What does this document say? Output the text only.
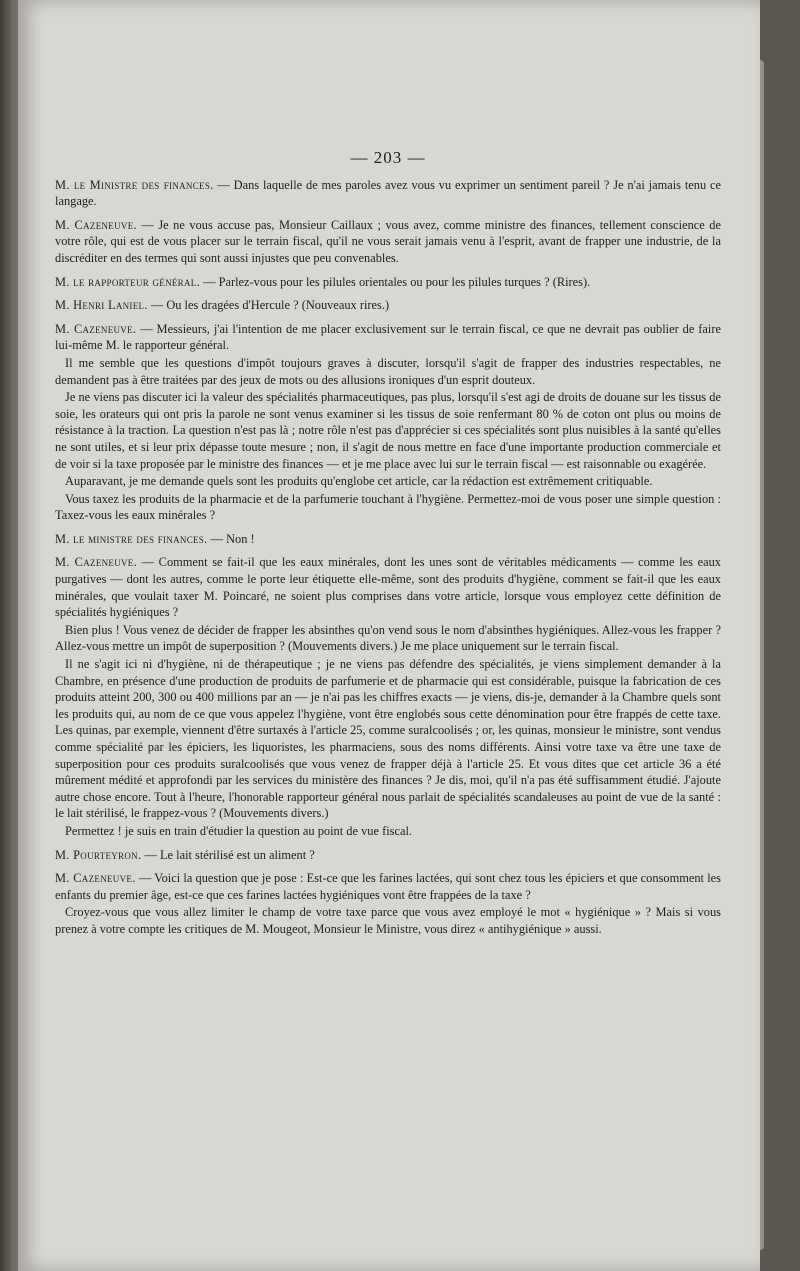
— 203 —

M. le Ministre des finances. — Dans laquelle de mes paroles avez vous vu exprimer un sentiment pareil ? Je n'ai jamais tenu ce langage.

M. Cazeneuve. — Je ne vous accuse pas, Monsieur Caillaux ; vous avez, comme ministre des finances, tellement conscience de votre rôle, qui est de vous placer sur le terrain fiscal, qu'il ne vous serait jamais venu à l'esprit, avant de frapper une industrie, de la discréditer en des termes qui sont aussi injustes que peu convenables.

M. le rapporteur général. — Parlez-vous pour les pilules orientales ou pour les pilules turques ? (Rires).

M. Henri Laniel. — Ou les dragées d'Hercule ? (Nouveaux rires.)

M. Cazeneuve. — Messieurs, j'ai l'intention de me placer exclusivement sur le terrain fiscal, ce que ne devrait pas oublier de faire lui-même M. le rapporteur général.

Il me semble que les questions d'impôt toujours graves à discuter, lorsqu'il s'agit de frapper des industries respectables, ne demandent pas à être traitées par des jeux de mots ou des allusions ironiques d'un esprit douteux.

Je ne viens pas discuter ici la valeur des spécialités pharmaceutiques, pas plus, lorsqu'il s'est agi de droits de douane sur les tissus de soie, les orateurs qui ont pris la parole ne sont venus examiner si les tissus de soie renfermant 80 % de coton ont plus ou moins de résistance à la traction. La question n'est pas là ; notre rôle n'est pas d'apprécier si ces spécialités sont plus nuisibles à la santé qu'elles ne sont utiles, et si leur prix dépasse toute mesure ; non, il s'agit de nous mettre en face d'une importante production commerciale et de voir si la taxe proposée par le ministre des finances — et je me place avec lui sur le terrain fiscal — est raisonnable ou exagérée.

Auparavant, je me demande quels sont les produits qu'englobe cet article, car la rédaction est extrêmement critiquable.

Vous taxez les produits de la pharmacie et de la parfumerie touchant à l'hygiène. Permettez-moi de vous poser une simple question : Taxez-vous les eaux minérales ?

M. le ministre des finances. — Non !

M. Cazeneuve. — Comment se fait-il que les eaux minérales, dont les unes sont de véritables médicaments — comme les eaux purgatives — dont les autres, comme le porte leur étiquette elle-même, sont des produits d'hygiène, comment se fait-il que les eaux minérales, que voulait taxer M. Poincaré, ne soient plus comprises dans votre article, lorsque vous employez cette définition de spécialités hygiéniques ?

Bien plus ! Vous venez de décider de frapper les absinthes qu'on vend sous le nom d'absinthes hygiéniques. Allez-vous les frapper ? Allez-vous mettre un impôt de superposition ? (Mouvements divers.) Je me place uniquement sur le terrain fiscal.

Il ne s'agit ici ni d'hygiène, ni de thérapeutique ; je ne viens pas défendre des spécialités, je viens simplement demander à la Chambre, en présence d'une production de produits de parfumerie et de pharmacie qui est considérable, puisque la fabrication de ces produits atteint 200, 300 ou 400 millions par an — je n'ai pas les chiffres exacts — je viens, dis-je, demander à la Chambre quels sont les produits qui, au nom de ce que vous appelez l'hygiène, vont être englobés sous cette dénomination pour être frappés de cette taxe. Les quinas, par exemple, viennent d'être surtaxés à l'article 25, comme suralcoolisés ; or, les quinas, monsieur le ministre, sont vendus comme spécialité par les épiciers, les liquoristes, les pharmaciens, sous des noms différents. Ainsi votre taxe va être une taxe de superposition pour ces produits suralcoolisés que vous venez de frapper déjà à l'article 25. Et vous dites que cet article 36 a été mûrement médité et approfondi par les services du ministère des finances ? Je dis, moi, qu'il n'a pas été suffisamment étudié. J'ajoute autre chose encore. Tout à l'heure, l'honorable rapporteur général nous parlait de spécialités scandaleuses au point de vue de la santé : le lait stérilisé, le frappez-vous ? (Mouvements divers.)

Permettez ! je suis en train d'étudier la question au point de vue fiscal.

M. Pourteyron. — Le lait stérilisé est un aliment ?

M. Cazeneuve. — Voici la question que je pose : Est-ce que les farines lactées, qui sont chez tous les épiciers et que consomment les enfants du premier âge, est-ce que ces farines lactées hygiéniques vont être frappées de la taxe ?

Croyez-vous que vous allez limiter le champ de votre taxe parce que vous avez employé le mot « hygiénique » ? Mais si vous prenez à votre compte les critiques de M. Mougeot, Monsieur le Ministre, vous direz « antihygiénique » aussi.
